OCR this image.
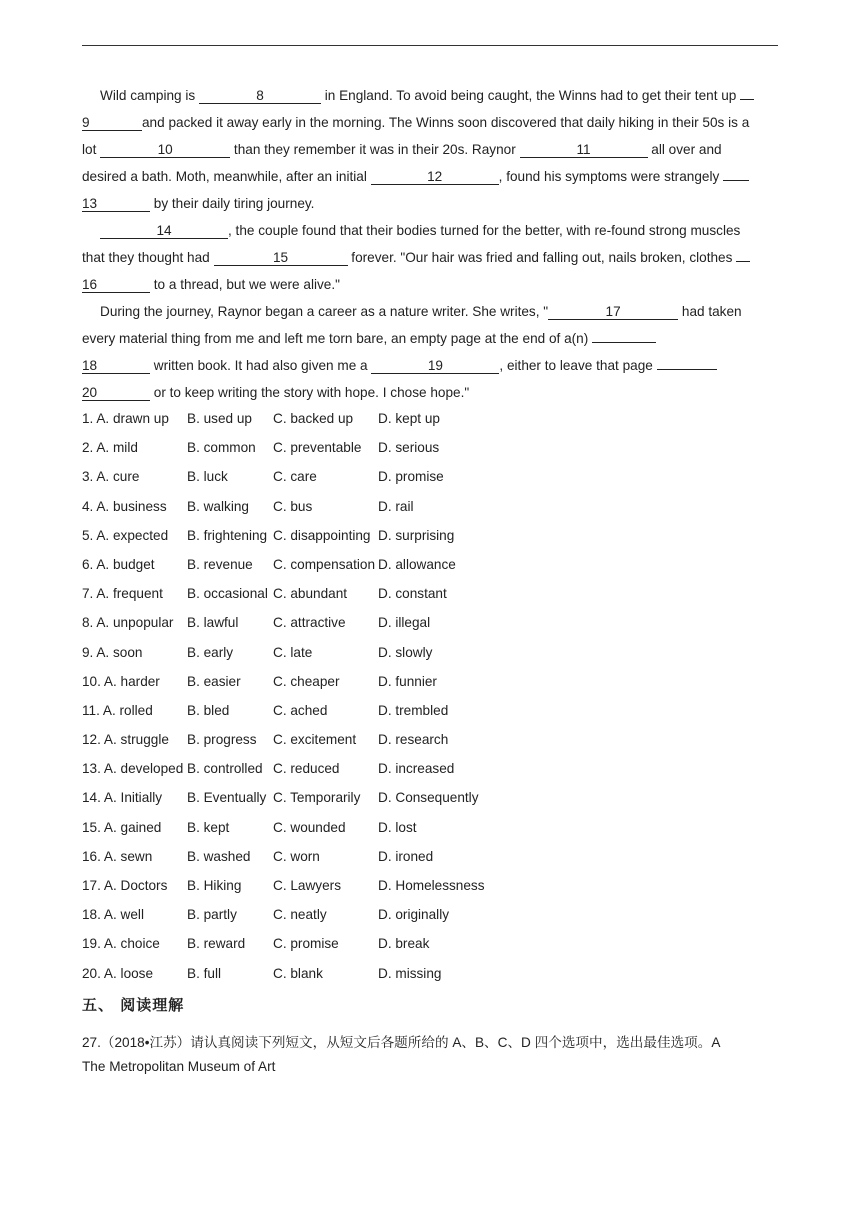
Wild camping is	8	in England. To avoid being caught, the Winns had to get their tent up
9	and packed it away early in the morning. The Winns soon discovered that daily hiking in their 50s is a
lot	10	than they remember it was in their 20s. Raynor	11	all over and
desired a bath. Moth, meanwhile, after an initial	12	, found his symptoms were strangely
13	by their daily tiring journey.
14	, the couple found that their bodies turned for the better, with re-found strong muscles
that they thought had	15	forever. "Our hair was fried and falling out, nails broken, clothes
16	to a thread, but we were alive."
During the journey, Raynor began a career as a nature writer. She writes, "	17	had taken
every material thing from me and left me torn bare, an empty page at the end of a(n)
18	written book. It had also given me a	19	, either to leave that page
20	or to keep writing the story with hope. I chose hope."
1. A. drawn up B. used up C. backed up D. kept up
2. A. mild	B. common C. preventable D. serious
3. A. cure	B. luck	C. care	D. promise
4. A. business B. walking C. bus	D. rail
5. A. expected B. frightening C. disappointing D. surprising
6. A. budget B. revenue C. compensation D. allowance
7. A. frequent B. occasional C. abundant D. constant
8. A. unpopular B. lawful	C. attractive D. illegal
9. A. soon	B. early	C. late	D. slowly
10. A. harder B. easier C. cheaper	D. funnier
11. A. rolled	B. bled	C. ached	D. trembled
12. A. struggle B. progress C. excitement D. research
13. A. developed B. controlled C. reduced	D. increased
14. A. Initially B. Eventually C. Temporarily D. Consequently
15. A. gained B. kept	C. wounded D. lost
16. A. sewn	B. washed C. worn	D. ironed
17. A. Doctors B. Hiking C. Lawyers	D. Homelessness
18. A. well	B. partly	C. neatly	D. originally
19. A. choice B. reward C. promise	D. break
20. A. loose B. full	C. blank	D. missing
五、 阅读理解
27.（2018•江苏）请认真阅读下列短文，从短文后各题所给的 A、B、C、D 四个选项中，选出最佳选项。A
The Metropolitan Museum of Art
